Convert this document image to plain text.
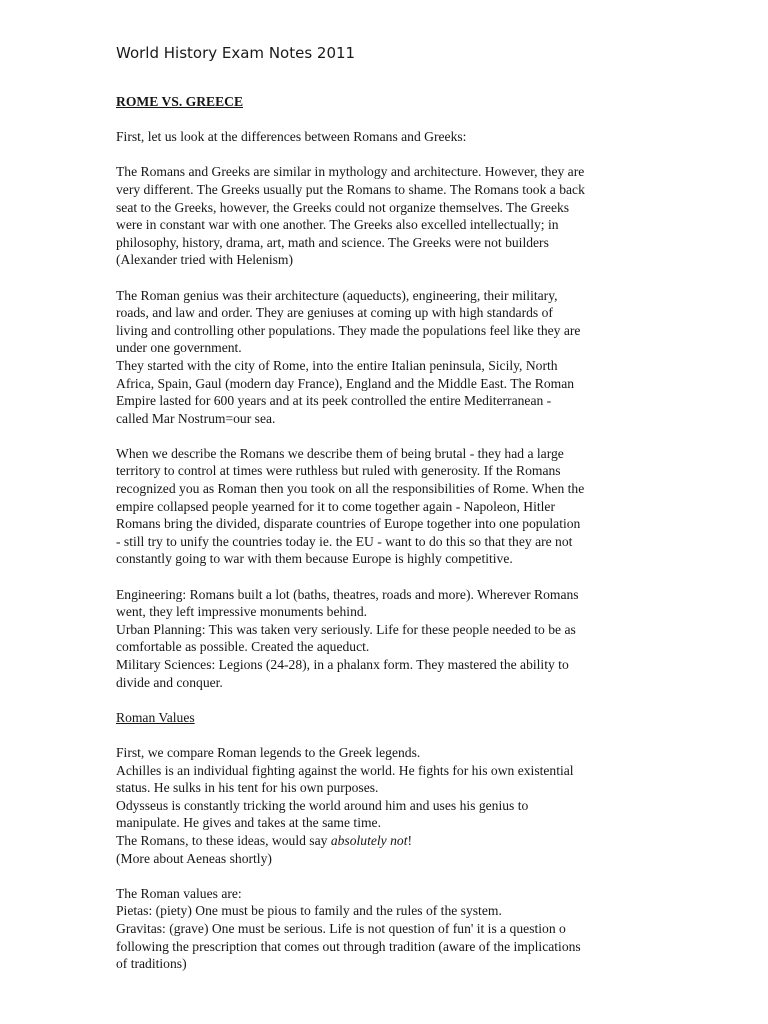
World History Exam Notes 2011
ROME VS. GREECE
First, let us look at the differences between Romans and Greeks:
The Romans and Greeks are similar in mythology and architecture. However, they are
very different. The Greeks usually put the Romans to shame. The Romans took a back
seat to the Greeks, however, the Greeks could not organize themselves. The Greeks
were in constant war with one another. The Greeks also excelled intellectually; in
philosophy, history, drama, art, math and science. The Greeks were not builders
(Alexander tried with Helenism)
The Roman genius was their architecture (aqueducts), engineering, their military,
roads, and law and order. They are geniuses at coming up with high standards of
living and controlling other populations. They made the populations feel like they are
under one government.
They started with the city of Rome, into the entire Italian peninsula, Sicily, North
Africa, Spain, Gaul (modern day France), England and the Middle East. The Roman
Empire lasted for 600 years and at its peek controlled the entire Mediterranean -
called Mar Nostrum=our sea.
When we describe the Romans we describe them of being brutal - they had a large
territory to control at times were ruthless but ruled with generosity. If the Romans
recognized you as Roman then you took on all the responsibilities of Rome. When the
empire collapsed people yearned for it to come together again - Napoleon, Hitler
Romans bring the divided, disparate countries of Europe together into one population
- still try to unify the countries today ie. the EU - want to do this so that they are not
constantly going to war with them because Europe is highly competitive.
Engineering: Romans built a lot (baths, theatres, roads and more). Wherever Romans
went, they left impressive monuments behind.
Urban Planning: This was taken very seriously. Life for these people needed to be as
comfortable as possible. Created the aqueduct.
Military Sciences: Legions (24-28), in a phalanx form. They mastered the ability to
divide and conquer.
Roman Values
First, we compare Roman legends to the Greek legends.
Achilles is an individual fighting against the world. He fights for his own existential
status. He sulks in his tent for his own purposes.
Odysseus is constantly tricking the world around him and uses his genius to
manipulate. He gives and takes at the same time.
The Romans, to these ideas, would say absolutely not!
(More about Aeneas shortly)
The Roman values are:
Pietas: (piety) One must be pious to family and the rules of the system.
Gravitas: (grave) One must be serious. Life is not question of fun' it is a question o
following the prescription that comes out through tradition (aware of the implications
of traditions)
